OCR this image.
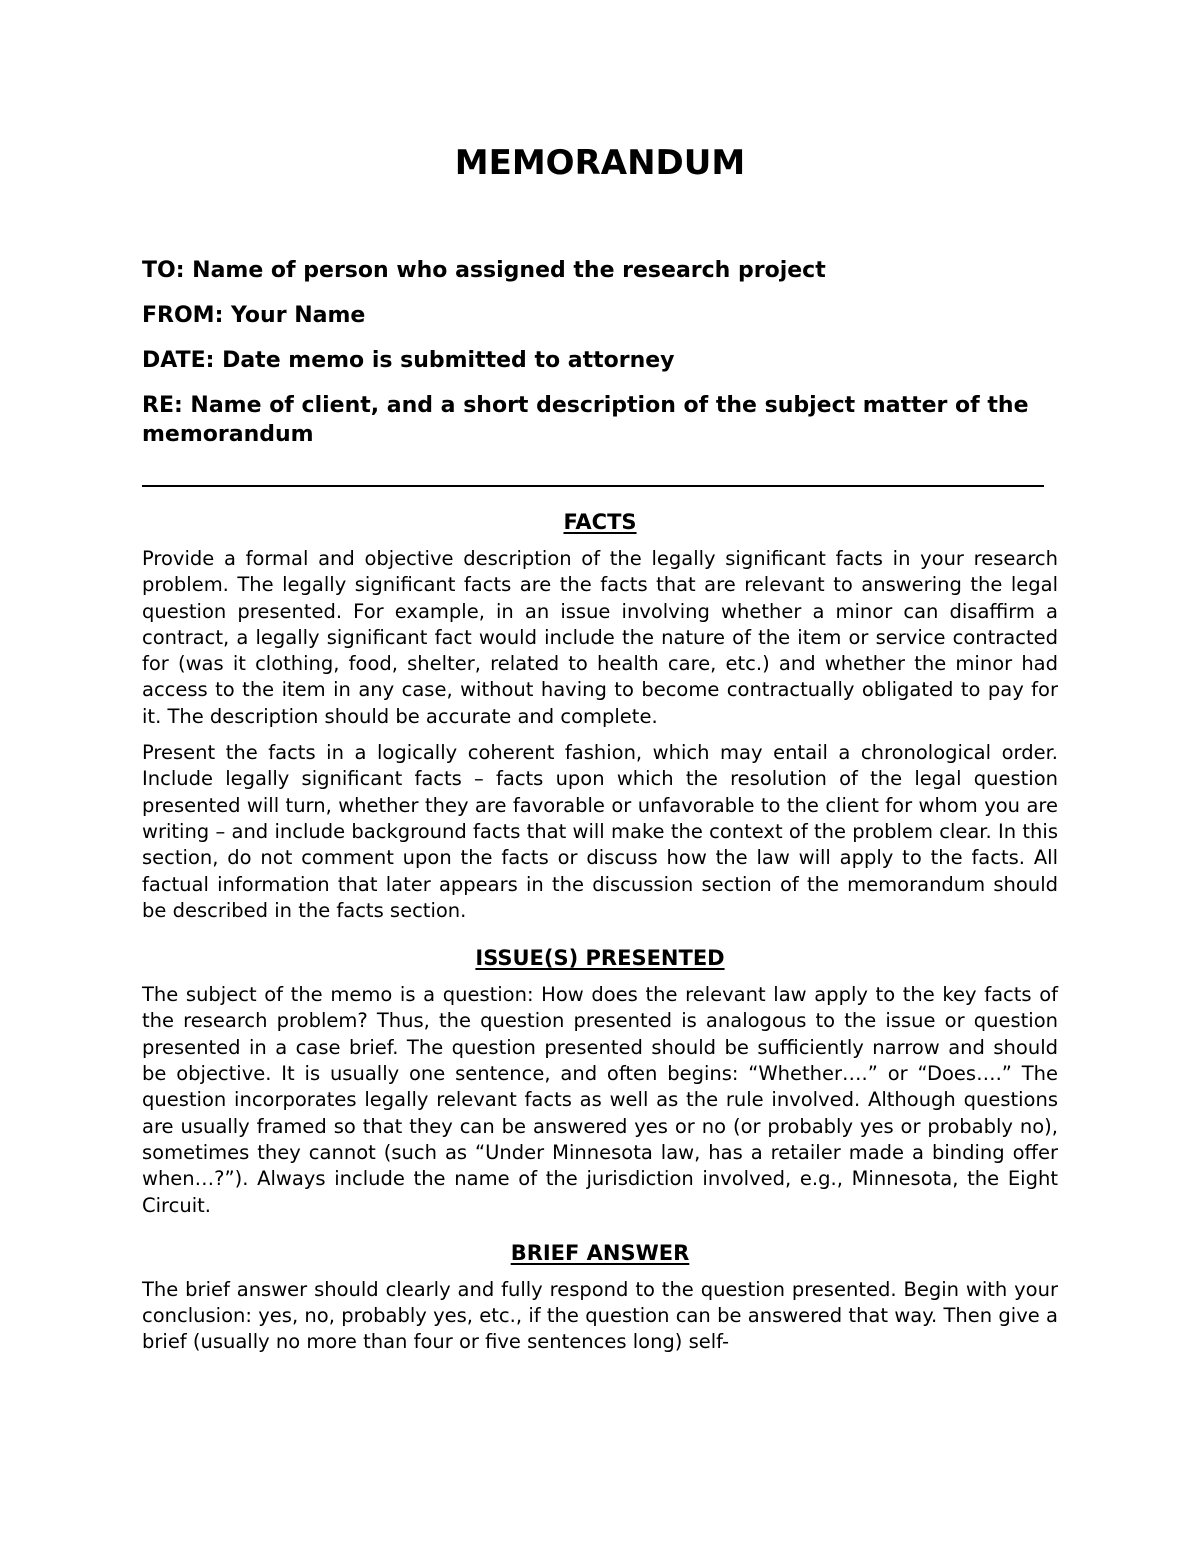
MEMORANDUM

TO: Name of person who assigned the research project

FROM: Your Name

DATE: Date memo is submitted to attorney

RE: Name of client, and a short description of the subject matter of the memorandum

FACTS

Provide a formal and objective description of the legally significant facts in your research problem. The legally significant facts are the facts that are relevant to answering the legal question presented. For example, in an issue involving whether a minor can disaffirm a contract, a legally significant fact would include the nature of the item or service contracted for (was it clothing, food, shelter, related to health care, etc.) and whether the minor had access to the item in any case, without having to become contractually obligated to pay for it. The description should be accurate and complete.

Present the facts in a logically coherent fashion, which may entail a chronological order. Include legally significant facts – facts upon which the resolution of the legal question presented will turn, whether they are favorable or unfavorable to the client for whom you are writing – and include background facts that will make the context of the problem clear. In this section, do not comment upon the facts or discuss how the law will apply to the facts. All factual information that later appears in the discussion section of the memorandum should be described in the facts section.

ISSUE(S) PRESENTED

The subject of the memo is a question: How does the relevant law apply to the key facts of the research problem? Thus, the question presented is analogous to the issue or question presented in a case brief. The question presented should be sufficiently narrow and should be objective. It is usually one sentence, and often begins: “Whether….” or “Does….” The question incorporates legally relevant facts as well as the rule involved. Although questions are usually framed so that they can be answered yes or no (or probably yes or probably no), sometimes they cannot (such as “Under Minnesota law, has a retailer made a binding offer when…?”). Always include the name of the jurisdiction involved, e.g., Minnesota, the Eight Circuit.

BRIEF ANSWER

The brief answer should clearly and fully respond to the question presented. Begin with your conclusion: yes, no, probably yes, etc., if the question can be answered that way. Then give a brief (usually no more than four or five sentences long) self-
